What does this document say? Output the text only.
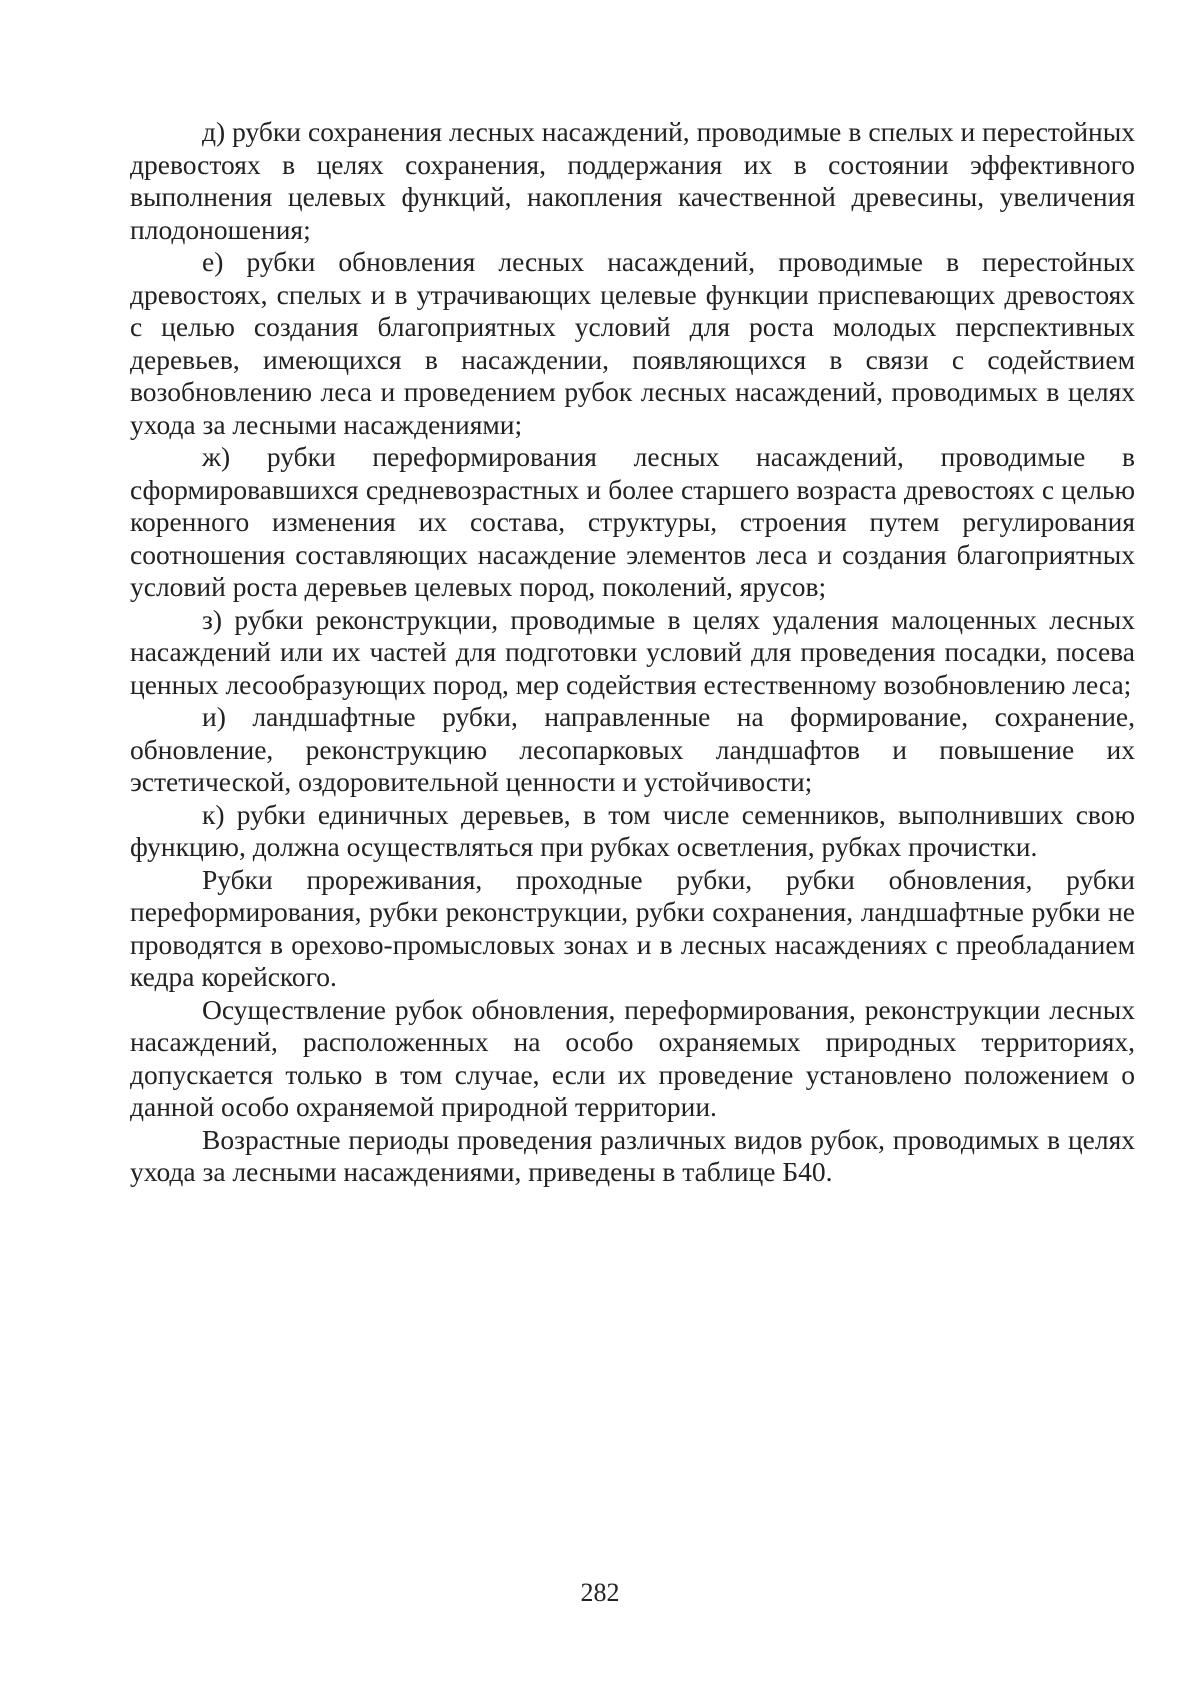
д) рубки сохранения лесных насаждений, проводимые в спелых и перестойных древостоях в целях сохранения, поддержания их в состоянии эффективного выполнения целевых функций, накопления качественной древесины, увеличения плодоношения;

е) рубки обновления лесных насаждений, проводимые в перестойных древостоях, спелых и в утрачивающих целевые функции приспевающих древостоях с целью создания благоприятных условий для роста молодых перспективных деревьев, имеющихся в насаждении, появляющихся в связи с содействием возобновлению леса и проведением рубок лесных насаждений, проводимых в целях ухода за лесными насаждениями;

ж) рубки переформирования лесных насаждений, проводимые в сформировавшихся средневозрастных и более старшего возраста древостоях с целью коренного изменения их состава, структуры, строения путем регулирования соотношения составляющих насаждение элементов леса и создания благоприятных условий роста деревьев целевых пород, поколений, ярусов;

з) рубки реконструкции, проводимые в целях удаления малоценных лесных насаждений или их частей для подготовки условий для проведения посадки, посева ценных лесообразующих пород, мер содействия естественному возобновлению леса;

и) ландшафтные рубки, направленные на формирование, сохранение, обновление, реконструкцию лесопарковых ландшафтов и повышение их эстетической, оздоровительной ценности и устойчивости;

к) рубки единичных деревьев, в том числе семенников, выполнивших свою функцию, должна осуществляться при рубках осветления, рубках прочистки.

Рубки прореживания, проходные рубки, рубки обновления, рубки переформирования, рубки реконструкции, рубки сохранения, ландшафтные рубки не проводятся в орехово-промысловых зонах и в лесных насаждениях с преобладанием кедра корейского.

Осуществление рубок обновления, переформирования, реконструкции лесных насаждений, расположенных на особо охраняемых природных территориях, допускается только в том случае, если их проведение установлено положением о данной особо охраняемой природной территории.

Возрастные периоды проведения различных видов рубок, проводимых в целях ухода за лесными насаждениями, приведены в таблице Б40.

282
